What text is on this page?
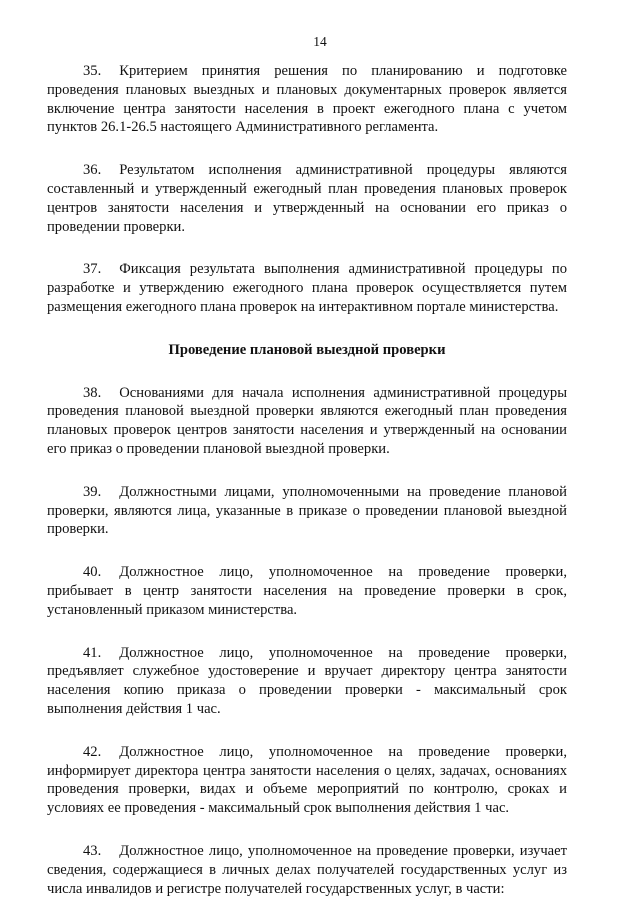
14

35. Критерием принятия решения по планированию и подготовке проведения плановых выездных и плановых документарных проверок является включение центра занятости населения в проект ежегодного плана с учетом пунктов 26.1-26.5 настоящего Административного регламента.

36. Результатом исполнения административной процедуры являются составленный и утвержденный ежегодный план проведения плановых проверок центров занятости населения и утвержденный на основании его приказ о проведении проверки.

37. Фиксация результата выполнения административной процедуры по разработке и утверждению ежегодного плана проверок осуществляется путем размещения ежегодного плана проверок на интерактивном портале министерства.

Проведение плановой выездной проверки

38. Основаниями для начала исполнения административной процедуры проведения плановой выездной проверки являются ежегодный план проведения плановых проверок центров занятости населения и утвержденный на основании его приказ о проведении плановой выездной проверки.

39. Должностными лицами, уполномоченными на проведение плановой проверки, являются лица, указанные в приказе о проведении плановой выездной проверки.

40. Должностное лицо, уполномоченное на проведение проверки, прибывает в центр занятости населения на проведение проверки в срок, установленный приказом министерства.

41. Должностное лицо, уполномоченное на проведение проверки, предъявляет служебное удостоверение и вручает директору центра занятости населения копию приказа о проведении проверки - максимальный срок выполнения действия 1 час.

42. Должностное лицо, уполномоченное на проведение проверки, информирует директора центра занятости населения о целях, задачах, основаниях проведения проверки, видах и объеме мероприятий по контролю, сроках и условиях ее проведения - максимальный срок выполнения действия 1 час.

43. Должностное лицо, уполномоченное на проведение проверки, изучает сведения, содержащиеся в личных делах получателей государственных услуг из числа инвалидов и регистре получателей государственных услуг, в части:
